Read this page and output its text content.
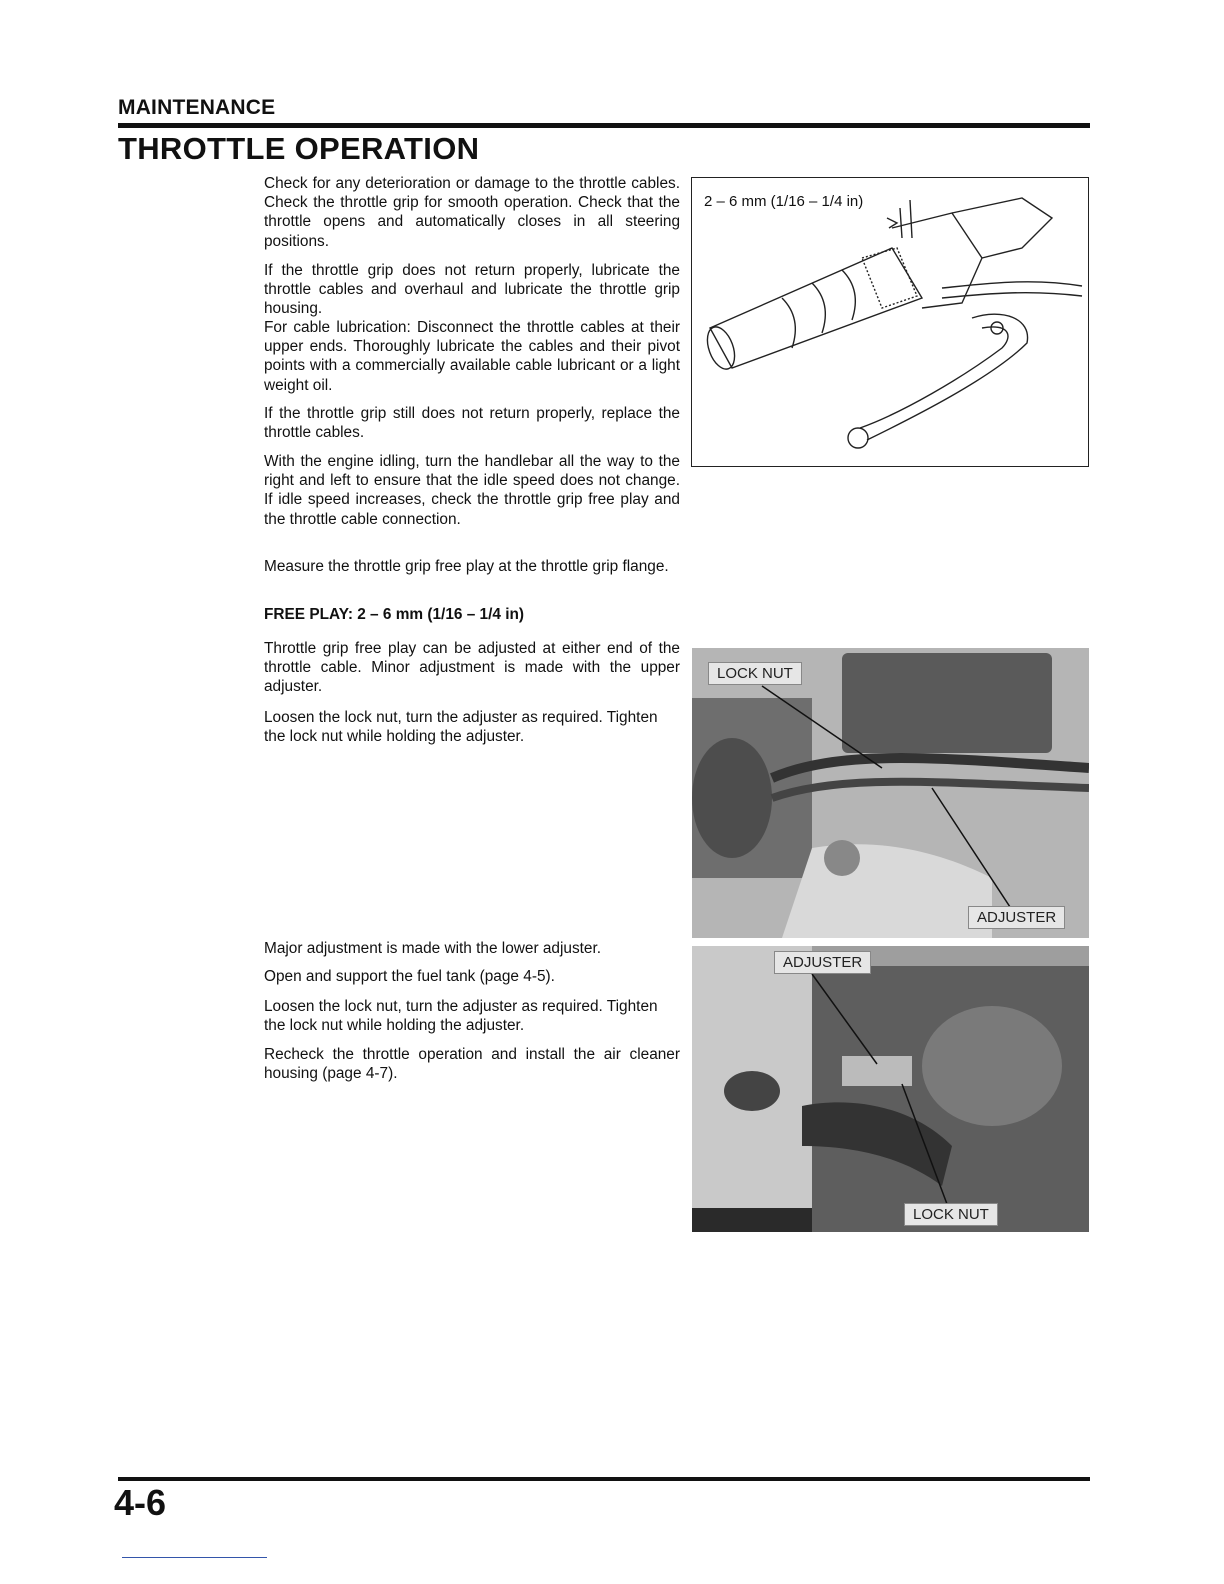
MAINTENANCE
THROTTLE OPERATION

Check for any deterioration or damage to the throttle cables. Check the throttle grip for smooth operation. Check that the throttle opens and automatically closes in all steering positions.

If the throttle grip does not return properly, lubricate the throttle cables and overhaul and lubricate the throttle grip housing.

For cable lubrication: Disconnect the throttle cables at their upper ends. Thoroughly lubricate the cables and their pivot points with a commercially available cable lubricant or a light weight oil.

If the throttle grip still does not return properly, replace the throttle cables.

With the engine idling, turn the handlebar all the way to the right and left to ensure that the idle speed does not change. If idle speed increases, check the throttle grip free play and the throttle cable connection.

Measure the throttle grip free play at the throttle grip flange.

FREE PLAY: 2 – 6 mm (1/16 – 1/4 in)

Throttle grip free play can be adjusted at either end of the throttle cable. Minor adjustment is made with the upper adjuster.

Loosen the lock nut, turn the adjuster as required. Tighten the lock nut while holding the adjuster.

Major adjustment is made with the lower adjuster.

Open and support the fuel tank (page 4-5).

Loosen the lock nut, turn the adjuster as required. Tighten the lock nut while holding the adjuster.

Recheck the throttle operation and install the air cleaner housing (page 4-7).

2 – 6 mm (1/16 – 1/4 in)
LOCK NUT
ADJUSTER
ADJUSTER
LOCK NUT
4-6
